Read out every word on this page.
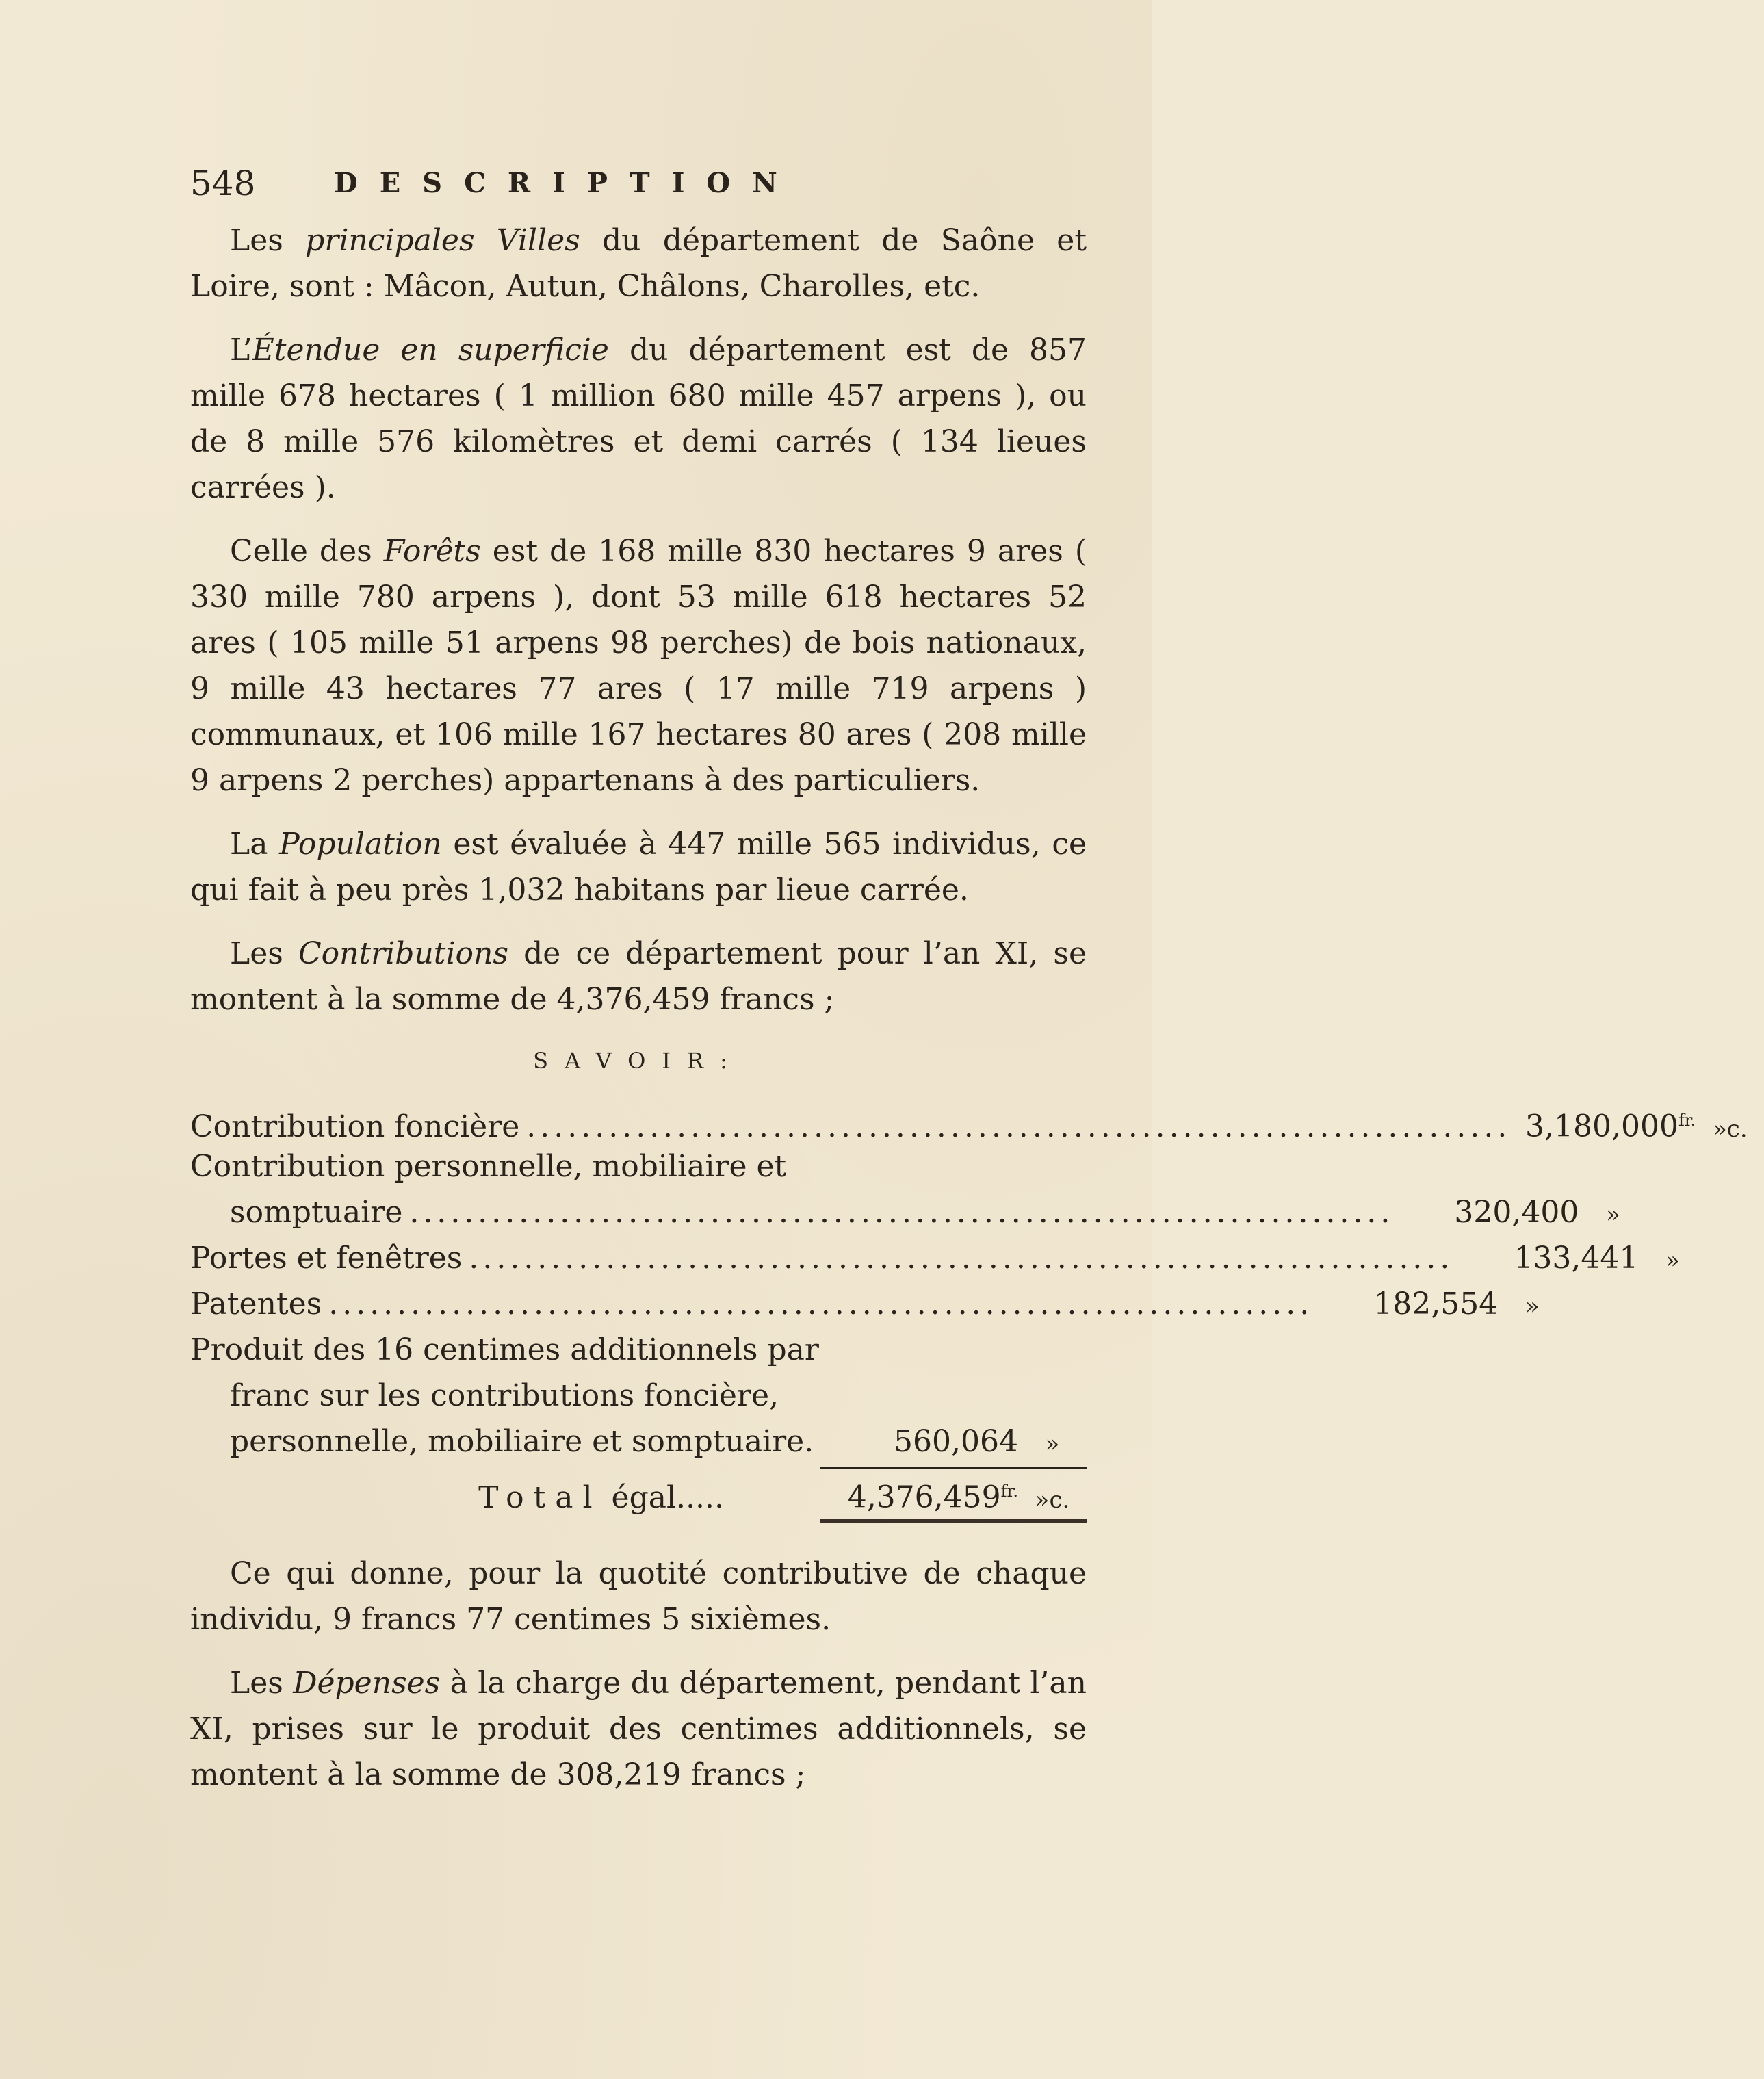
548	DESCRIPTION

Les principales Villes du département de Saône et Loire, sont : Mâcon, Autun, Châlons, Charolles, etc.

L’Étendue en superficie du département est de 857 mille 678 hectares ( 1 million 680 mille 457 arpens ), ou de 8 mille 576 kilomètres et demi carrés ( 134 lieues carrées ).

Celle des Forêts est de 168 mille 830 hectares 9 ares ( 330 mille 780 arpens ), dont 53 mille 618 hectares 52 ares ( 105 mille 51 arpens 98 perches) de bois nationaux, 9 mille 43 hectares 77 ares ( 17 mille 719 arpens ) communaux, et 106 mille 167 hectares 80 ares ( 208 mille 9 arpens 2 perches) appartenans à des particuliers.

La Population est évaluée à 447 mille 565 individus, ce qui fait à peu près 1,032 habitans par lieue carrée.

Les Contributions de ce département pour l’an XI, se montent à la somme de 4,376,459 francs ;

SAVOIR:
Contribution foncière ........................................................................ $3,180,000^{fr.}$ »c.
Contribution personnelle, mobiliaire et
somptuaire ........................................................................	320,400	»
Portes et fenêtres ........................................................................	133,441	»
Patentes ........................................................................	182,554	»
Produit des 16 centimes additionnels par
franc sur les contributions foncière,
personnelle, mobiliaire et somptuaire.	560,064	»
Total égal.....	$4,376,459^{fr.}$ »c.

Ce qui donne, pour la quotité contributive de chaque individu, 9 francs 77 centimes 5 sixièmes.

Les Dépenses à la charge du département, pendant l’an XI, prises sur le produit des centimes additionnels, se montent à la somme de 308,219 francs ;
